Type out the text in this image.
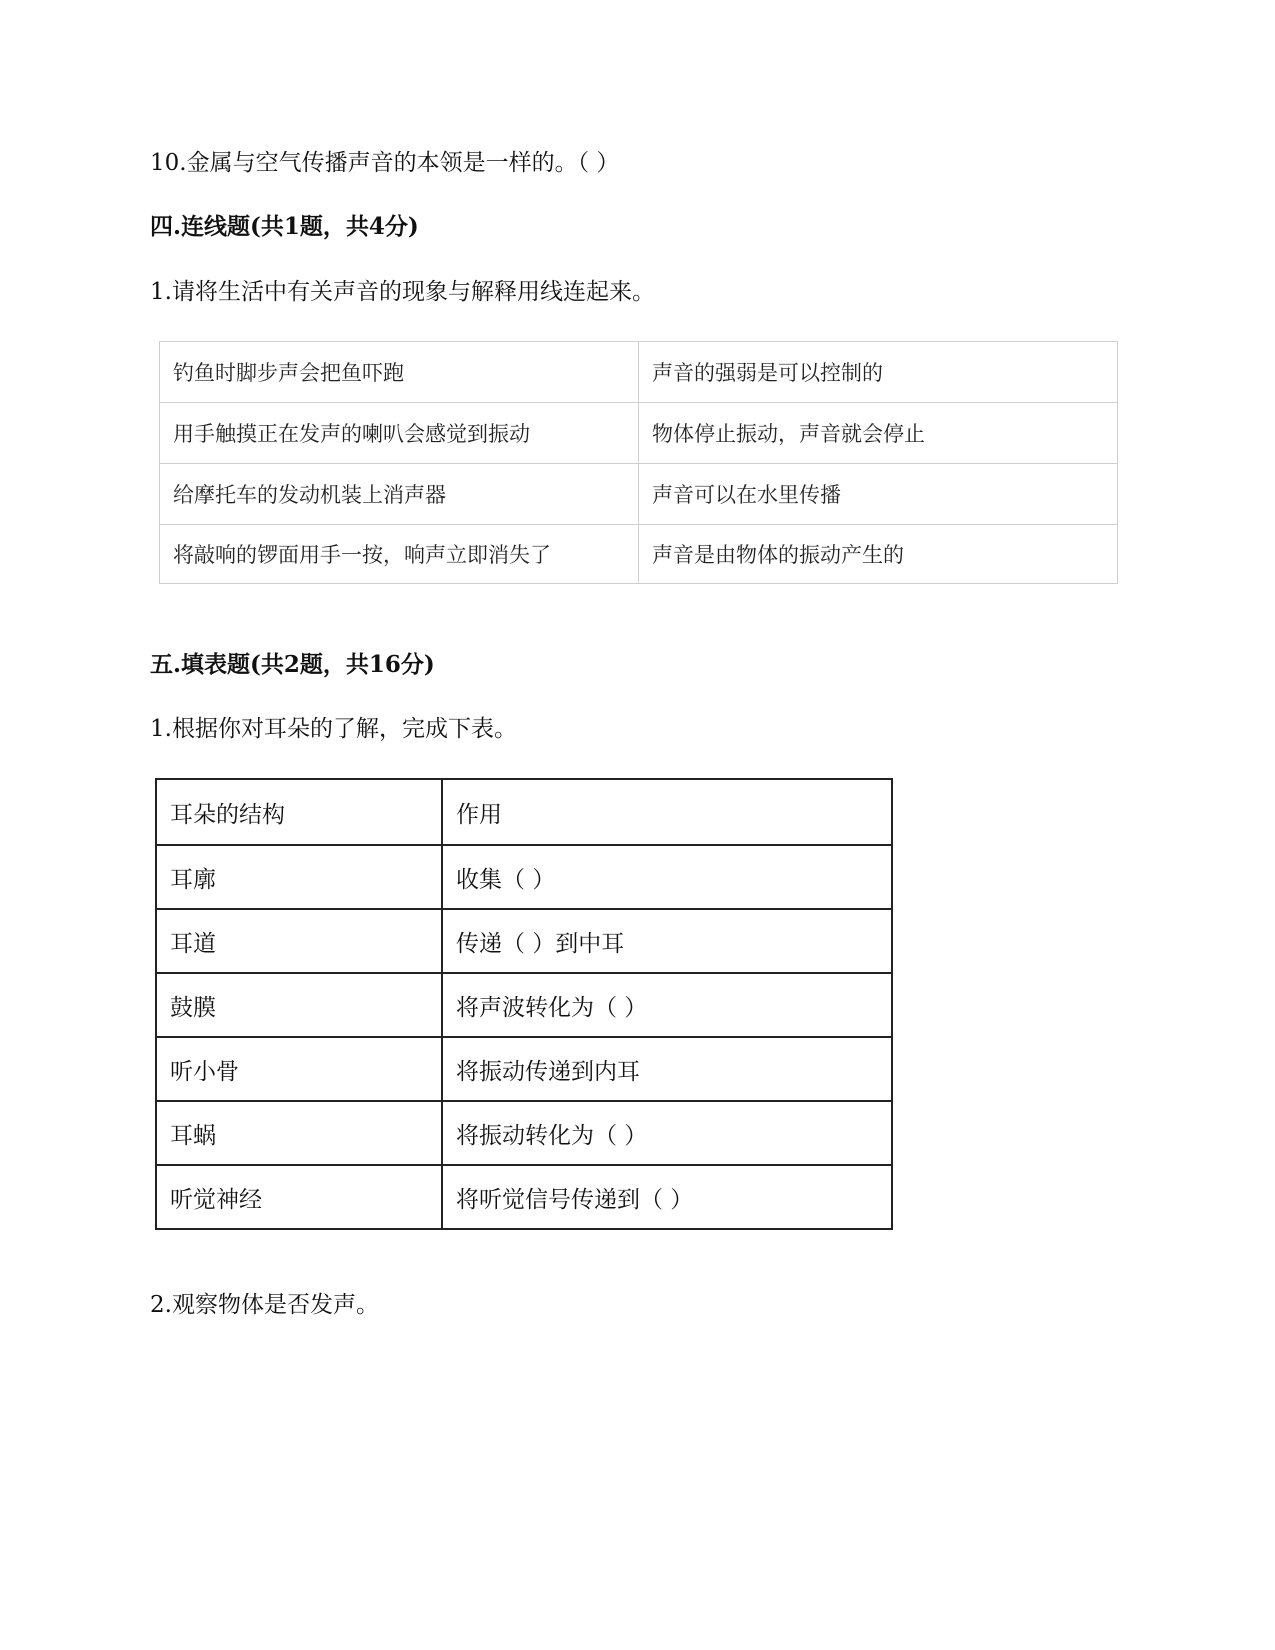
10.金属与空气传播声音的本领是一样的。（ ）
四.连线题(共1题，共4分)
1.请将生活中有关声音的现象与解释用线连起来。
钓鱼时脚步声会把鱼吓跑	声音的强弱是可以控制的
用手触摸正在发声的喇叭会感觉到振动	物体停止振动，声音就会停止
给摩托车的发动机装上消声器	声音可以在水里传播
将敲响的锣面用手一按，响声立即消失了	声音是由物体的振动产生的
五.填表题(共2题，共16分)
1.根据你对耳朵的了解，完成下表。
耳朵的结构	作用
耳廓	收集（ ）
耳道	传递（ ）到中耳
鼓膜	将声波转化为（ ）
听小骨	将振动传递到内耳
耳蜗	将振动转化为（ ）
听觉神经	将听觉信号传递到（ ）
2.观察物体是否发声。
